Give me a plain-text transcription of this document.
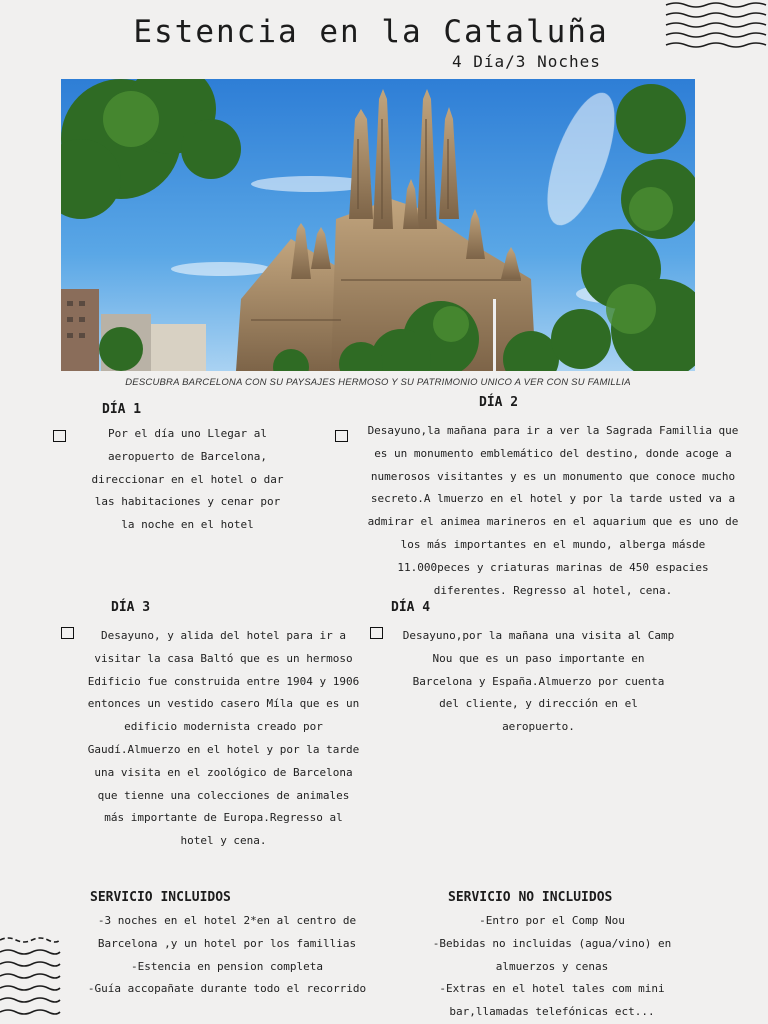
Estencia en la Cataluña

4 Día/3 Noches

DESCUBRA BARCELONA CON SU PAYSAJES HERMOSO Y SU PATRIMONIO UNICO A VER CON SU FAMILLIA

DÍA 1

Por el día uno Llegar al aeropuerto de Barcelona, direccionar en el hotel o dar las habitaciones y cenar por la noche en el hotel

DÍA 2

Desayuno,la mañana para ir a ver la Sagrada Famillia que es un monumento emblemático del destino, donde acoge a numerosos visitantes y es un monumento que conoce mucho secreto.A lmuerzo en el hotel y por la tarde usted va a admirar el animea marineros en el aquarium que es uno de los más importantes en el mundo, alberga másde 11.000peces y criaturas marinas de 450 espacies diferentes. Regresso al hotel, cena.

DÍA 3

Desayuno, y alida del hotel para ir a visitar la casa Baltó que es un hermoso Edificio fue construida entre 1904 y 1906 entonces un vestido casero Míla que es un edificio modernista creado por Gaudí.Almuerzo en el hotel y por la tarde una visita en el zoológico de Barcelona que tienne una colecciones de animales más importante de Europa.Regresso al hotel y cena.

DÍA 4

Desayuno,por la mañana una visita al Camp Nou que es un paso importante en Barcelona y España.Almuerzo por cuenta del cliente, y dirección en el aeropuerto.

SERVICIO INCLUIDOS
-3 noches en el hotel 2*en al centro de Barcelona ,y un hotel por los famillias
-Estencia en pension completa
-Guía accopañate durante todo el recorrido
SERVICIO NO INCLUIDOS
-Entro por el Comp Nou
-Bebidas no incluidas (agua/vino) en almuerzos y cenas
-Extras en el hotel tales com mini bar,llamadas telefónicas ect...
